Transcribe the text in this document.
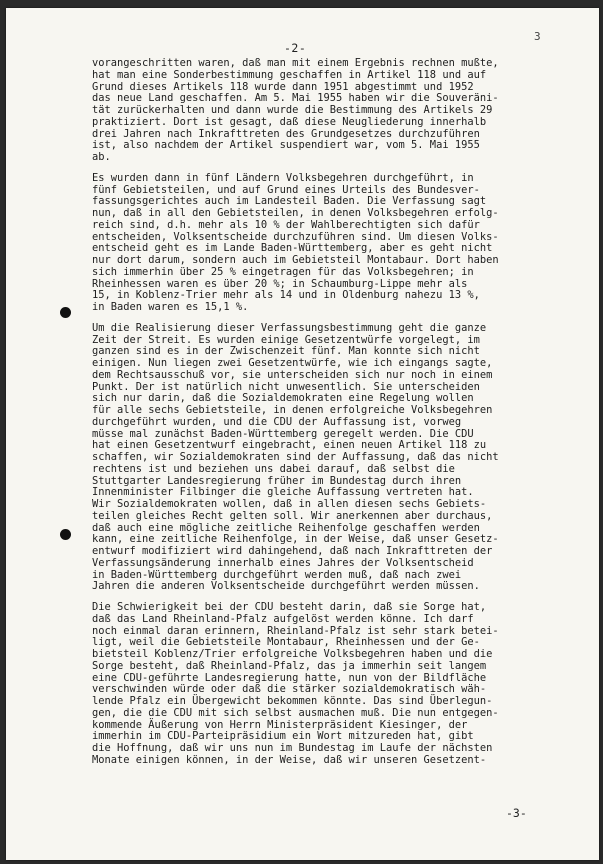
3
-2-
vorangeschritten waren, daß man mit einem Ergebnis rechnen mußte,
hat man eine Sonderbestimmung geschaffen in Artikel 118 und auf
Grund dieses Artikels 118 wurde dann 1951 abgestimmt und 1952
das neue Land geschaffen. Am 5. Mai 1955 haben wir die Souveräni-
tät zurückerhalten und dann wurde die Bestimmung des Artikels 29
praktiziert. Dort ist gesagt, daß diese Neugliederung innerhalb
drei Jahren nach Inkrafttreten des Grundgesetzes durchzuführen
ist, also nachdem der Artikel suspendiert war, vom 5. Mai 1955
ab.
Es wurden dann in fünf Ländern Volksbegehren durchgeführt, in
fünf Gebietsteilen, und auf Grund eines Urteils des Bundesver-
fassungsgerichtes auch im Landesteil Baden. Die Verfassung sagt
nun, daß in all den Gebietsteilen, in denen Volksbegehren erfolg-
reich sind, d.h. mehr als 10 % der Wahlberechtigten sich dafür
entscheiden, Volksentscheide durchzuführen sind. Um diesen Volks-
entscheid geht es im Lande Baden-Württemberg, aber es geht nicht
nur dort darum, sondern auch im Gebietsteil Montabaur. Dort haben
sich immerhin über 25 % eingetragen für das Volksbegehren; in
Rheinhessen waren es über 20 %; in Schaumburg-Lippe mehr als
15, in Koblenz-Trier mehr als 14 und in Oldenburg nahezu 13 %,
in Baden waren es 15,1 %.
Um die Realisierung dieser Verfassungsbestimmung geht die ganze
Zeit der Streit. Es wurden einige Gesetzentwürfe vorgelegt, im
ganzen sind es in der Zwischenzeit fünf. Man konnte sich nicht
einigen. Nun liegen zwei Gesetzentwürfe, wie ich eingangs sagte,
dem Rechtsausschuß vor, sie unterscheiden sich nur noch in einem
Punkt. Der ist natürlich nicht unwesentlich. Sie unterscheiden
sich nur darin, daß die Sozialdemokraten eine Regelung wollen
für alle sechs Gebietsteile, in denen erfolgreiche Volksbegehren
durchgeführt wurden, und die CDU der Auffassung ist, vorweg
müsse mal zunächst Baden-Württemberg geregelt werden. Die CDU
hat einen Gesetzentwurf eingebracht, einen neuen Artikel 118 zu
schaffen, wir Sozialdemokraten sind der Auffassung, daß das nicht
rechtens ist und beziehen uns dabei darauf, daß selbst die
Stuttgarter Landesregierung früher im Bundestag durch ihren
Innenminister Filbinger die gleiche Auffassung vertreten hat.
Wir Sozialdemokraten wollen, daß in allen diesen sechs Gebiets-
teilen gleiches Recht gelten soll. Wir anerkennen aber durchaus,
daß auch eine mögliche zeitliche Reihenfolge geschaffen werden
kann, eine zeitliche Reihenfolge, in der Weise, daß unser Gesetz-
entwurf modifiziert wird dahingehend, daß nach Inkrafttreten der
Verfassungsänderung innerhalb eines Jahres der Volksentscheid
in Baden-Württemberg durchgeführt werden muß, daß nach zwei
Jahren die anderen Volksentscheide durchgeführt werden müssen.
Die Schwierigkeit bei der CDU besteht darin, daß sie Sorge hat,
daß das Land Rheinland-Pfalz aufgelöst werden könne. Ich darf
noch einmal daran erinnern, Rheinland-Pfalz ist sehr stark betei-
ligt, weil die Gebietsteile Montabaur, Rheinhessen und der Ge-
bietsteil Koblenz/Trier erfolgreiche Volksbegehren haben und die
Sorge besteht, daß Rheinland-Pfalz, das ja immerhin seit langem
eine CDU-geführte Landesregierung hatte, nun von der Bildfläche
verschwinden würde oder daß die stärker sozialdemokratisch wäh-
lende Pfalz ein Übergewicht bekommen könnte. Das sind Überlegun-
gen, die die CDU mit sich selbst ausmachen muß. Die nun entgegen-
kommende Äußerung von Herrn Ministerpräsident Kiesinger, der
immerhin im CDU-Parteipräsidium ein Wort mitzureden hat, gibt
die Hoffnung, daß wir uns nun im Bundestag im Laufe der nächsten
Monate einigen können, in der Weise, daß wir unseren Gesetzent-
-3-
